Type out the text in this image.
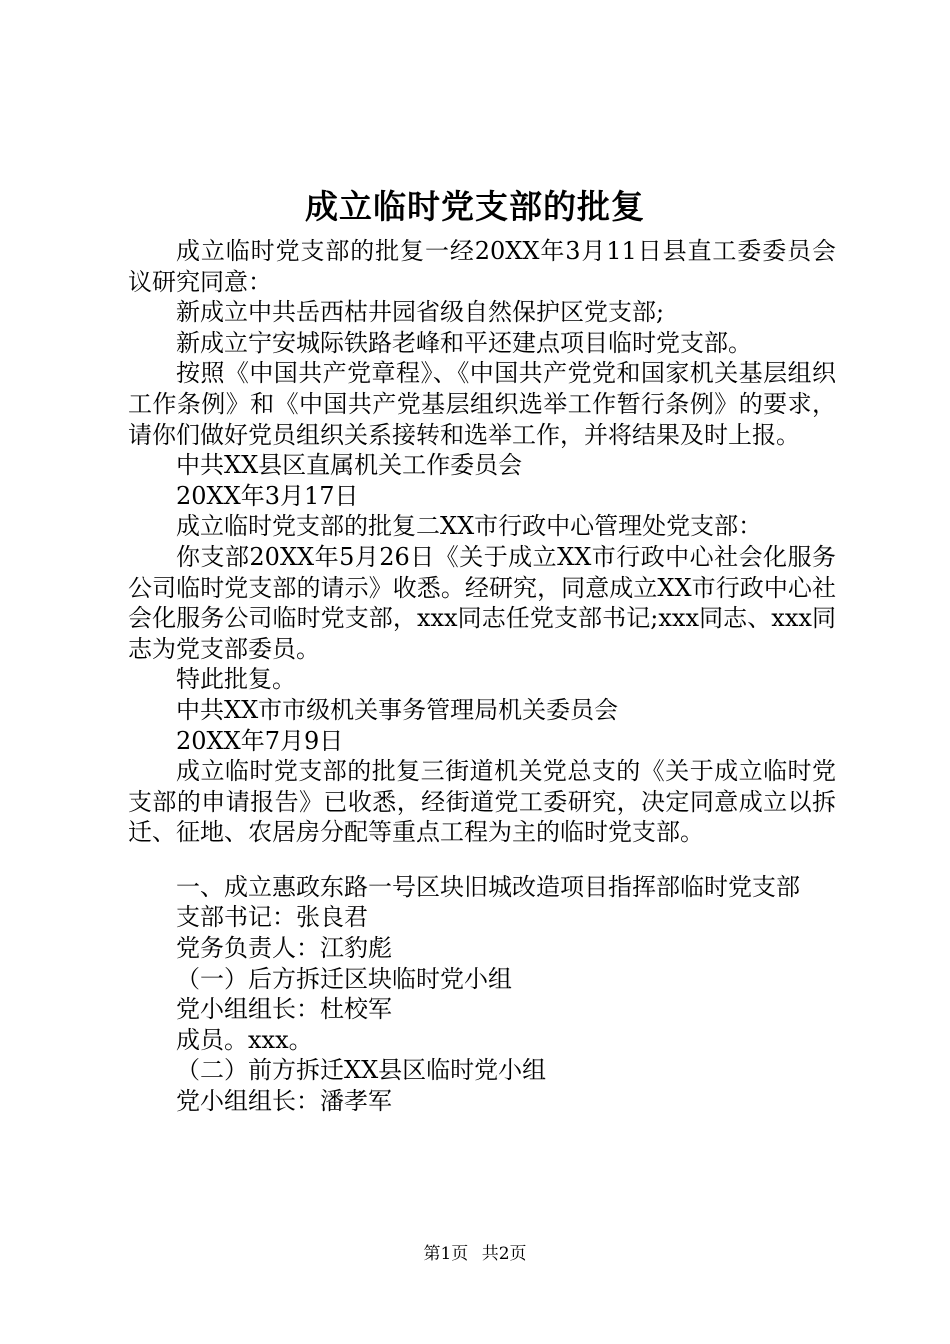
成立临时党支部的批复

成立临时党支部的批复一经20XX年3月11日县直工委委员会议研究同意：

新成立中共岳西枯井园省级自然保护区党支部;

新成立宁安城际铁路老峰和平还建点项目临时党支部。

按照《中国共产党章程》、《中国共产党党和国家机关基层组织工作条例》和《中国共产党基层组织选举工作暂行条例》的要求，请你们做好党员组织关系接转和选举工作，并将结果及时上报。

中共XX县区直属机关工作委员会

20XX年3月17日

成立临时党支部的批复二XX市行政中心管理处党支部：

你支部20XX年5月26日《关于成立XX市行政中心社会化服务公司临时党支部的请示》收悉。经研究，同意成立XX市行政中心社会化服务公司临时党支部，xxx同志任党支部书记;xxx同志、xxx同志为党支部委员。

特此批复。

中共XX市市级机关事务管理局机关委员会

20XX年7月9日

成立临时党支部的批复三街道机关党总支的《关于成立临时党支部的申请报告》已收悉，经街道党工委研究，决定同意成立以拆迁、征地、农居房分配等重点工程为主的临时党支部。

一、成立惠政东路一号区块旧城改造项目指挥部临时党支部

支部书记：张良君

党务负责人：江豹彪

（一）后方拆迁区块临时党小组

党小组组长：杜校军

成员。xxx。

（二）前方拆迁XX县区临时党小组

党小组组长：潘孝军

第1页 共2页
